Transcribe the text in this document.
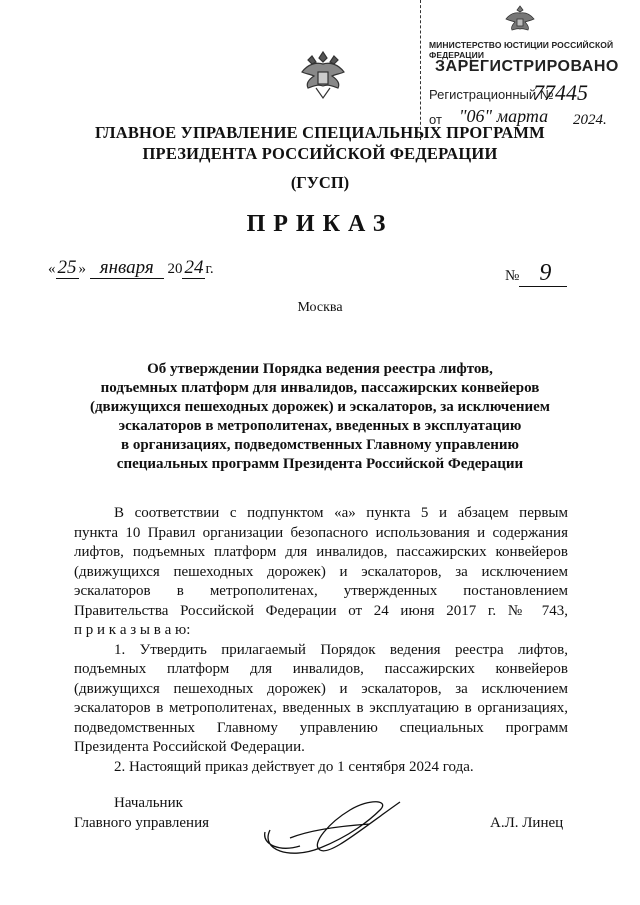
МИНИСТЕРСТВО ЮСТИЦИИ РОССИЙСКОЙ ФЕДЕРАЦИИ
ЗАРЕГИСТРИРОВАНО
Регистрационный №
77445
от "06" марта 2024.
ГЛАВНОЕ УПРАВЛЕНИЕ СПЕЦИАЛЬНЫХ ПРОГРАММ
ПРЕЗИДЕНТА РОССИЙСКОЙ ФЕДЕРАЦИИ
(ГУСП)
ПРИКАЗ
« 25 » января 20 24 г.	№ 9
Москва
Об утверждении Порядка ведения реестра лифтов,
подъемных платформ для инвалидов, пассажирских конвейеров
(движущихся пешеходных дорожек) и эскалаторов, за исключением
эскалаторов в метрополитенах, введенных в эксплуатацию
в организациях, подведомственных Главному управлению
специальных программ Президента Российской Федерации
В соответствии с подпунктом «а» пункта 5 и абзацем первым
пункта 10 Правил организации безопасного использования и содержания
лифтов, подъемных платформ для инвалидов, пассажирских конвейеров
(движущихся пешеходных дорожек) и эскалаторов, за исключением
эскалаторов в метрополитенах, утвержденных постановлением
Правительства Российской Федерации от 24 июня 2017 г. № 743,
п р и к а з ы в а ю:
1. Утвердить прилагаемый Порядок ведения реестра лифтов,
подъемных платформ для инвалидов, пассажирских конвейеров
(движущихся пешеходных дорожек) и эскалаторов, за исключением
эскалаторов в метрополитенах, введенных в эксплуатацию в организациях,
подведомственных Главному управлению специальных программ
Президента Российской Федерации.
2. Настоящий приказ действует до 1 сентября 2024 года.
Начальник
Главного управления	А.Л. Линец
